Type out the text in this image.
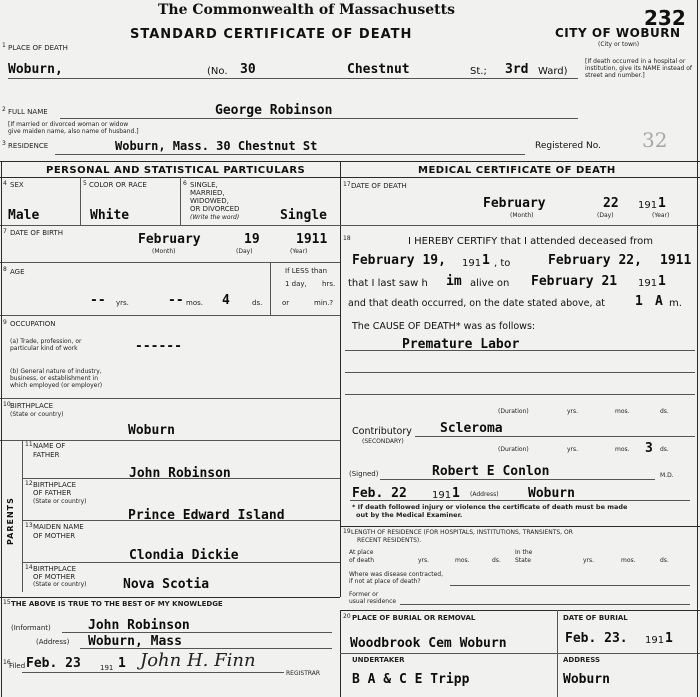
The Commonwealth of Massachusetts
STANDARD CERTIFICATE OF DEATH
232
CITY OF WOBURN
(City or town)
1 PLACE OF DEATH
Woburn,	(No. 30	Chestnut	St.; 3rd Ward)
[If death occurred in a hospital or institution, give its NAME instead of street and number.]
2 FULL NAME	George Robinson
[If married or divorced woman or widow
give maiden name, also name of husband.]
3 RESIDENCE	Woburn, Mass. 30 Chestnut St	Registered No. 32
PERSONAL AND STATISTICAL PARTICULARS	MEDICAL CERTIFICATE OF DEATH
4 SEX
Male
5 COLOR OR RACE
White
6 SINGLE,
MARRIED,
WIDOWED,
OR DIVORCED
(Write the word)	Single
7 DATE OF BIRTH	February	19	1911
(Month)	(Day)	(Year)
8 AGE
-- yrs.	-- mos. 4	ds.
If LESS than
1 day, hrs.
or	min.?
9 OCCUPATION
(a) Trade, profession, or
particular kind of work	------
(b) General nature of industry,
business, or establishment in
which employed (or employer)
10 BIRTHPLACE
(State or country)
Woburn
PARENTS
11 NAME OF
FATHER
John Robinson
12 BIRTHPLACE
OF FATHER
(State or country)
Prince Edward Island
13 MAIDEN NAME
OF MOTHER
Clondia Dickie
14 BIRTHPLACE
OF MOTHER
(State or country)	Nova Scotia
15 THE ABOVE IS TRUE TO THE BEST OF MY KNOWLEDGE
(Informant)	John Robinson
(Address) Woburn, Mass
16
Filed Feb. 23	191 1 John H. Finn
REGISTRAR
17 DATE OF DEATH
February	22 191 1
(Month)	(Day)	(Year)
18	I HEREBY CERTIFY that I attended deceased from
February 19, 191 1 , to	February 22, 1911
that I last saw h im alive on February 21 191 1
and that death occurred, on the date stated above, at 1 A m.
The CAUSE OF DEATH* was as follows:
Premature Labor
(Duration)	yrs.	mos.	ds.
Contributory
(SECONDARY)
Scleroma
(Duration)	yrs.	mos. 3 ds.
(Signed)	Robert E Conlon	M.D.
Feb. 22	191 1 (Address) Woburn
* If death followed injury or violence the certificate of death must be made
out by the Medical Examiner.
19 LENGTH OF RESIDENCE (FOR HOSPITALS, INSTITUTIONS, TRANSIENTS, OR
RECENT RESIDENTS).
At place
of death	yrs.	mos.	ds.
In the
State	yrs.	mos.	ds.
Where was disease contracted,
if not at place of death?
Former or
usual residence
20 PLACE OF BURIAL OR REMOVAL
Woodbrook Cem Woburn
DATE OF BURIAL
Feb. 23. 191 1
UNDERTAKER
B A & C E Tripp
ADDRESS
Woburn
